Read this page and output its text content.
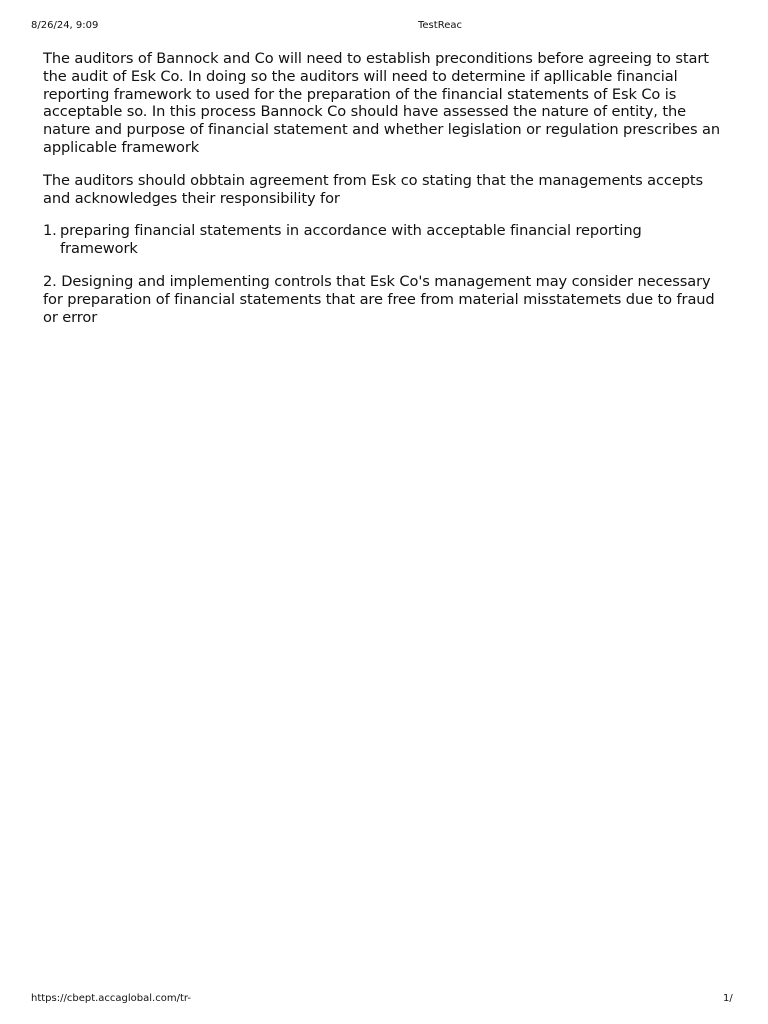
8/26/24, 9:09	TestReac

The auditors of Bannock and Co will need to establish preconditions before agreeing to start the audit of Esk Co. In doing so the auditors will need to determine if apllicable financial reporting framework to used for the preparation of the financial statements of Esk Co is acceptable so. In this process Bannock Co should have assessed the nature of entity, the nature and purpose of financial statement and whether legislation or regulation prescribes an applicable framework

The auditors should obbtain agreement from Esk co stating that the managements accepts and acknowledges their responsibility for

1. preparing financial statements in accordance with acceptable financial reporting framework
2. Designing and implementing controls that Esk Co's management may consider necessary for preparation of financial statements that are free from material misstatemets due to fraud or error
https://cbept.accaglobal.com/tr-	1/
